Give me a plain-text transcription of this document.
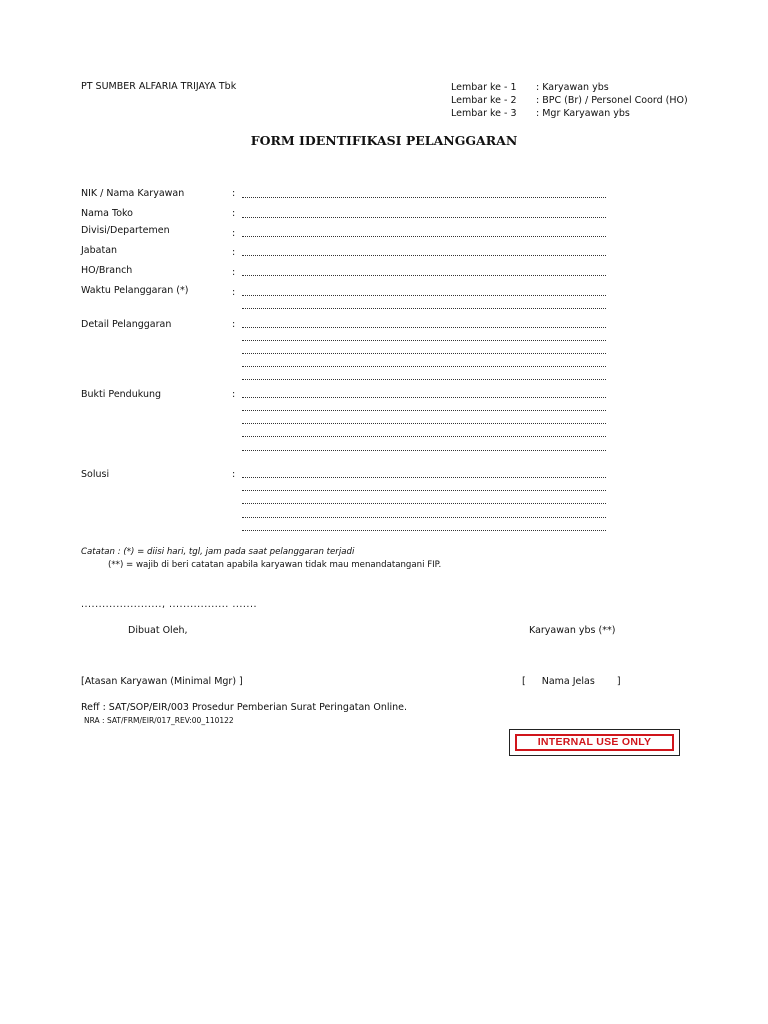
PT SUMBER ALFARIA TRIJAYA Tbk	Lembar ke - 1 : Karyawan ybs
Lembar ke - 2 : BPC (Br) / Personel Coord (HO)
Lembar ke - 3 : Mgr Karyawan ybs
FORM IDENTIFIKASI PELANGGARAN
NIK / Nama Karyawan	:
Nama Toko	:
Divisi/Departemen	:
Jabatan	:
HO/Branch	:
Waktu Pelanggaran (*)	:
Detail Pelanggaran	:
Bukti Pendukung	:
Solusi	:
Catatan : (*) = diisi hari, tgl, jam pada saat pelanggaran terjadi
(**) = wajib di beri catatan apabila karyawan tidak mau menandatangani FIP.
......................., ................. .......
Dibuat Oleh,	Karyawan ybs (**)
[Atasan Karyawan (Minimal Mgr) ]	[ Nama Jelas ]
Reff : SAT/SOP/EIR/003 Prosedur Pemberian Surat Peringatan Online.
NRA : SAT/FRM/EIR/017_REV:00_110122
INTERNAL USE ONLY
